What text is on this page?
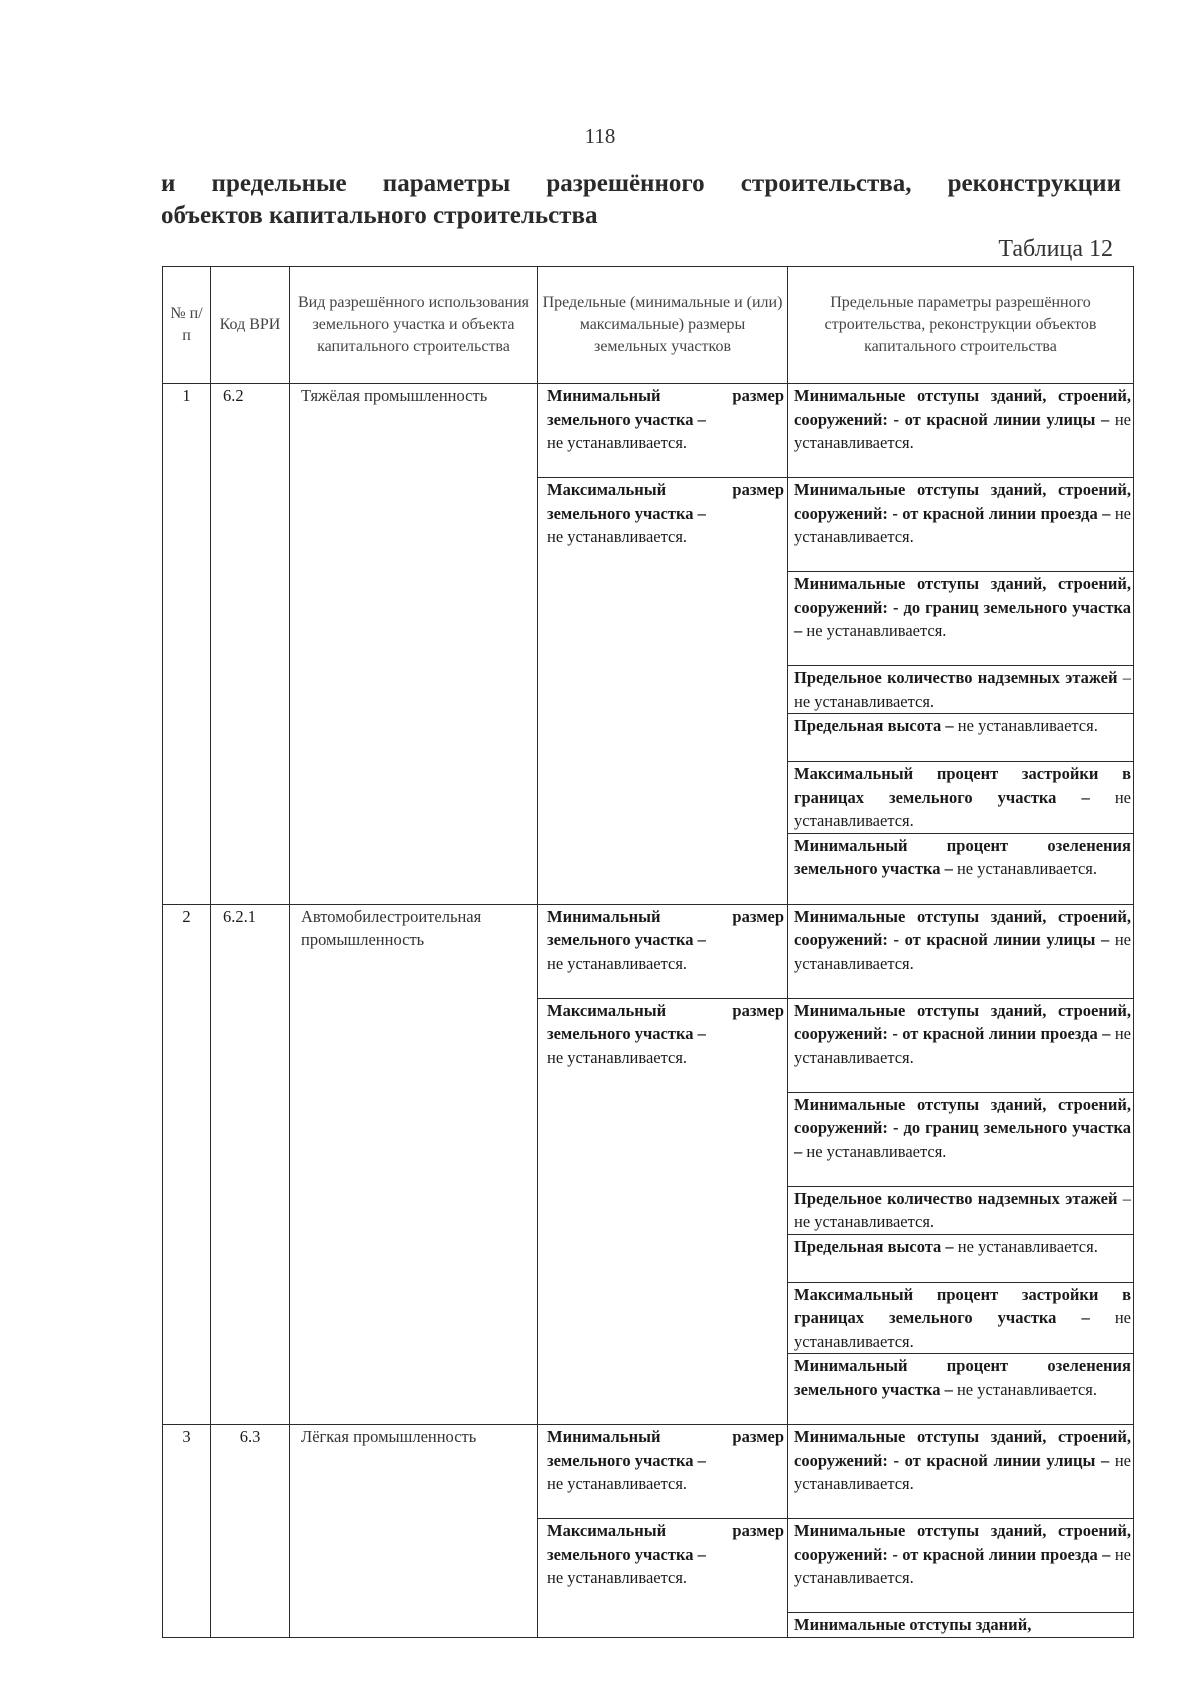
118
и предельные параметры разрешённого строительства, реконструкции
объектов капитального строительства
Таблица 12
№ п/п	Код ВРИ	Вид разрешённого использования земельного участка и объекта капитального строительства	Предельные (минимальные и (или) максимальные) размеры земельных участков	Предельные параметры разрешённого строительства, реконструкции объектов капитального строительства
1	6.2	Тяжёлая промышленность	Минимальный размер земельного участка –
не устанавливается.	Минимальные отступы зданий, строений, сооружений: - от красной линии улицы – не устанавливается.

			Максимальный размер земельного участка –
не устанавливается.	Минимальные отступы зданий, строений, сооружений: - от красной линии проезда – не устанавливается.

				Минимальные отступы зданий, строений, сооружений: - до границ земельного участка – не устанавливается.

				Предельное количество надземных этажей – не устанавливается.

				Предельная высота – не устанавливается.

				Максимальный процент застройки в границах земельного участка – не устанавливается.

				Минимальный процент озеленения земельного участка – не устанавливается.

2	6.2.1	Автомобилестроительная промышленность	Минимальный размер земельного участка –
не устанавливается.	Минимальные отступы зданий, строений, сооружений: - от красной линии улицы – не устанавливается.

			Максимальный размер земельного участка –
не устанавливается.	Минимальные отступы зданий, строений, сооружений: - от красной линии проезда – не устанавливается.

				Минимальные отступы зданий, строений, сооружений: - до границ земельного участка – не устанавливается.

				Предельное количество надземных этажей – не устанавливается.

				Предельная высота – не устанавливается.

				Максимальный процент застройки в границах земельного участка – не устанавливается.

				Минимальный процент озеленения земельного участка – не устанавливается.

3	6.3	Лёгкая промышленность	Минимальный размер земельного участка –
не устанавливается.	Минимальные отступы зданий, строений, сооружений: - от красной линии улицы – не устанавливается.

			Максимальный размер земельного участка –
не устанавливается.	Минимальные отступы зданий, строений, сооружений: - от красной линии проезда – не устанавливается.

				Минимальные отступы зданий,
